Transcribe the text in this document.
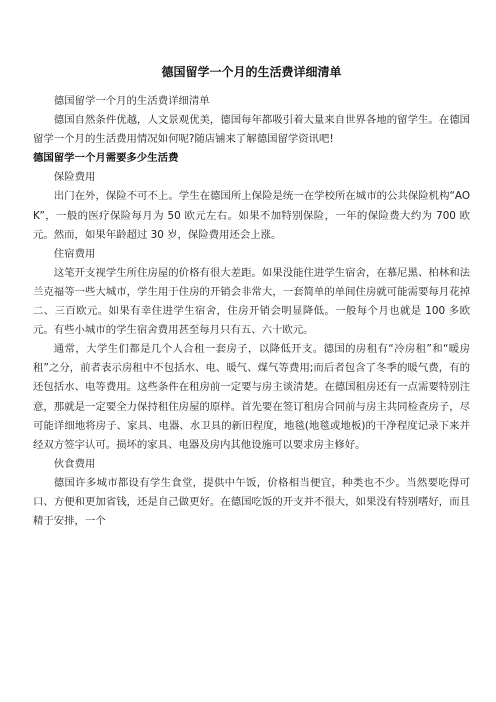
德国留学一个月的生活费详细清单

德国留学一个月的生活费详细清单

德国自然条件优越，人文景观优美，德国每年都吸引着大量来自世界各地的留学生。在德国留学一个月的生活费用情况如何呢?随店铺来了解德国留学资讯吧!

德国留学一个月需要多少生活费

保险费用

出门在外，保险不可不上。学生在德国所上保险是统一在学校所在城市的公共保险机构“AOK”，一般的医疗保险每月为 50 欧元左右。如果不加特别保险，一年的保险费大约为 700 欧元。然而，如果年龄超过 30 岁，保险费用还会上涨。

住宿费用

这笔开支视学生所住房屋的价格有很大差距。如果没能住进学生宿舍，在慕尼黑、柏林和法兰克福等一些大城市，学生用于住房的开销会非常大，一套简单的单间住房就可能需要每月花掉二、三百欧元。如果有幸住进学生宿舍，住房开销会明显降低。一般每个月也就是 100 多欧元。有些小城市的学生宿舍费用甚至每月只有五、六十欧元。

通常，大学生们都是几个人合租一套房子，以降低开支。德国的房租有“冷房租”和“暖房租”之分，前者表示房租中不包括水、电、暖气、煤气等费用;而后者包含了冬季的暖气费，有的还包括水、电等费用。这些条件在租房前一定要与房主谈清楚。在德国租房还有一点需要特别注意，那就是一定要全力保持租住房屋的原样。首先要在签订租房合同前与房主共同检查房子，尽可能详细地将房子、家具、电器、水卫具的新旧程度，地毯(地毯或地板)的干净程度记录下来并经双方签字认可。损坏的家具、电器及房内其他设施可以要求房主修好。

伙食费用

德国许多城市都设有学生食堂，提供中午饭，价格相当便宜，种类也不少。当然要吃得可口、方便和更加省钱，还是自己做更好。在德国吃饭的开支并不很大，如果没有特别嗜好，而且精于安排，一个
